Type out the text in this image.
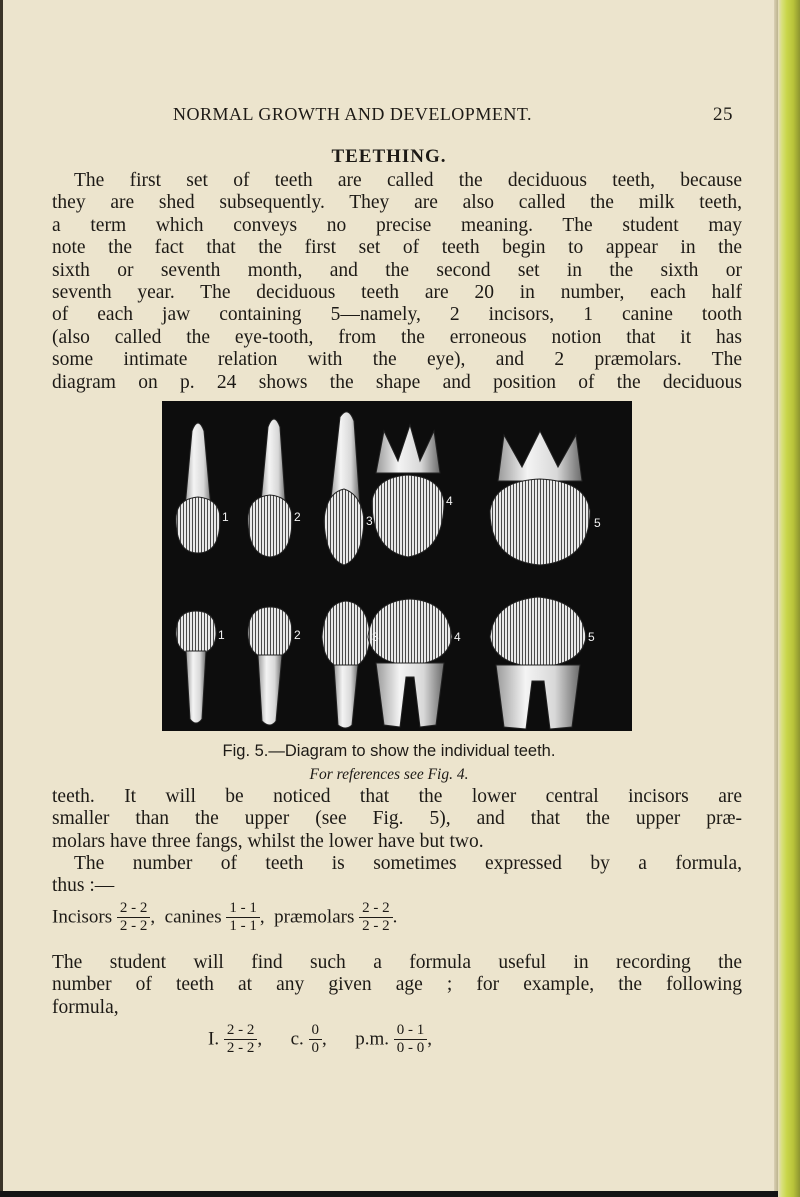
NORMAL GROWTH AND DEVELOPMENT.	25
TEETHING.
The first set of teeth are called the deciduous teeth, because
they are shed subsequently. They are also called the milk teeth,
a term which conveys no precise meaning. The student may
note the fact that the first set of teeth begin to appear in the
sixth or seventh month, and the second set in the sixth or
seventh year. The deciduous teeth are 20 in number, each half
of each jaw containing 5—namely, 2 incisors, 1 canine tooth
(also called the eye-tooth, from the erroneous notion that it has
some intimate relation with the eye), and 2 præmolars. The
diagram on p. 24 shows the shape and position of the deciduous
1	2	3
4
5
1	2	3	4	5
Fig. 5.—Diagram to show the individual teeth.
For references see Fig. 4.
teeth. It will be noticed that the lower central incisors are
smaller than the upper (see Fig. 5), and that the upper præ-
molars have three fangs, whilst the lower have but two.
The number of teeth is sometimes expressed by a formula,
thus :—
Incisors $\frac{2 - 2}{2 - 2}$ , canines $\frac{1 - 1}{1 - 1}$ , præmolars $\frac{2 - 2}{2 - 2}$ .
The student will find such a formula useful in recording the
number of teeth at any given age ; for example, the following
formula,
I. $\frac{2 - 2}{2 - 2}$ , c. $\frac{0}{0}$ , p.m. $\frac{0 - 1}{0 - 0}$ ,
